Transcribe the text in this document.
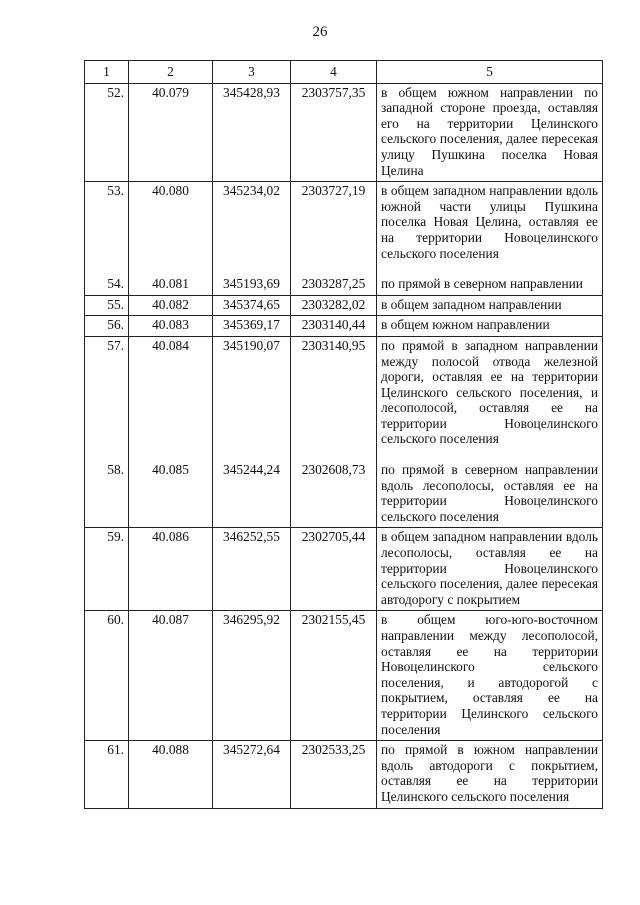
26
1	2	3	4	5
52.	40.079	345428,93	2303757,35	в общем южном направлении по западной стороне проезда, оставляя его на территории Целинского сельского поселения, далее пересекая улицу Пушкина поселка Новая Целина
53.	40.080	345234,02	2303727,19	в общем западном направлении вдоль южной части улицы Пушкина поселка Новая Целина, оставляя ее на территории Новоцелинского сельского поселения
54.	40.081	345193,69	2303287,25	по прямой в северном направлении
55.	40.082	345374,65	2303282,02	в общем западном направлении
56.	40.083	345369,17	2303140,44	в общем южном направлении
57.	40.084	345190,07	2303140,95	по прямой в западном направлении между полосой отвода железной дороги, оставляя ее на территории Целинского сельского поселения, и лесополосой, оставляя ее на территории Новоцелинского сельского поселения
58.	40.085	345244,24	2302608,73	по прямой в северном направлении вдоль лесополосы, оставляя ее на территории Новоцелинского сельского поселения
59.	40.086	346252,55	2302705,44	в общем западном направлении вдоль лесополосы, оставляя ее на территории Новоцелинского сельского поселения, далее пересекая автодорогу с покрытием
60.	40.087	346295,92	2302155,45	в общем юго-юго-восточном направлении между лесополосой, оставляя ее на территории Новоцелинского сельского поселения, и автодорогой с покрытием, оставляя ее на территории Целинского сельского поселения
61.	40.088	345272,64	2302533,25	по прямой в южном направлении вдоль автодороги с покрытием, оставляя ее на территории Целинского сельского поселения
